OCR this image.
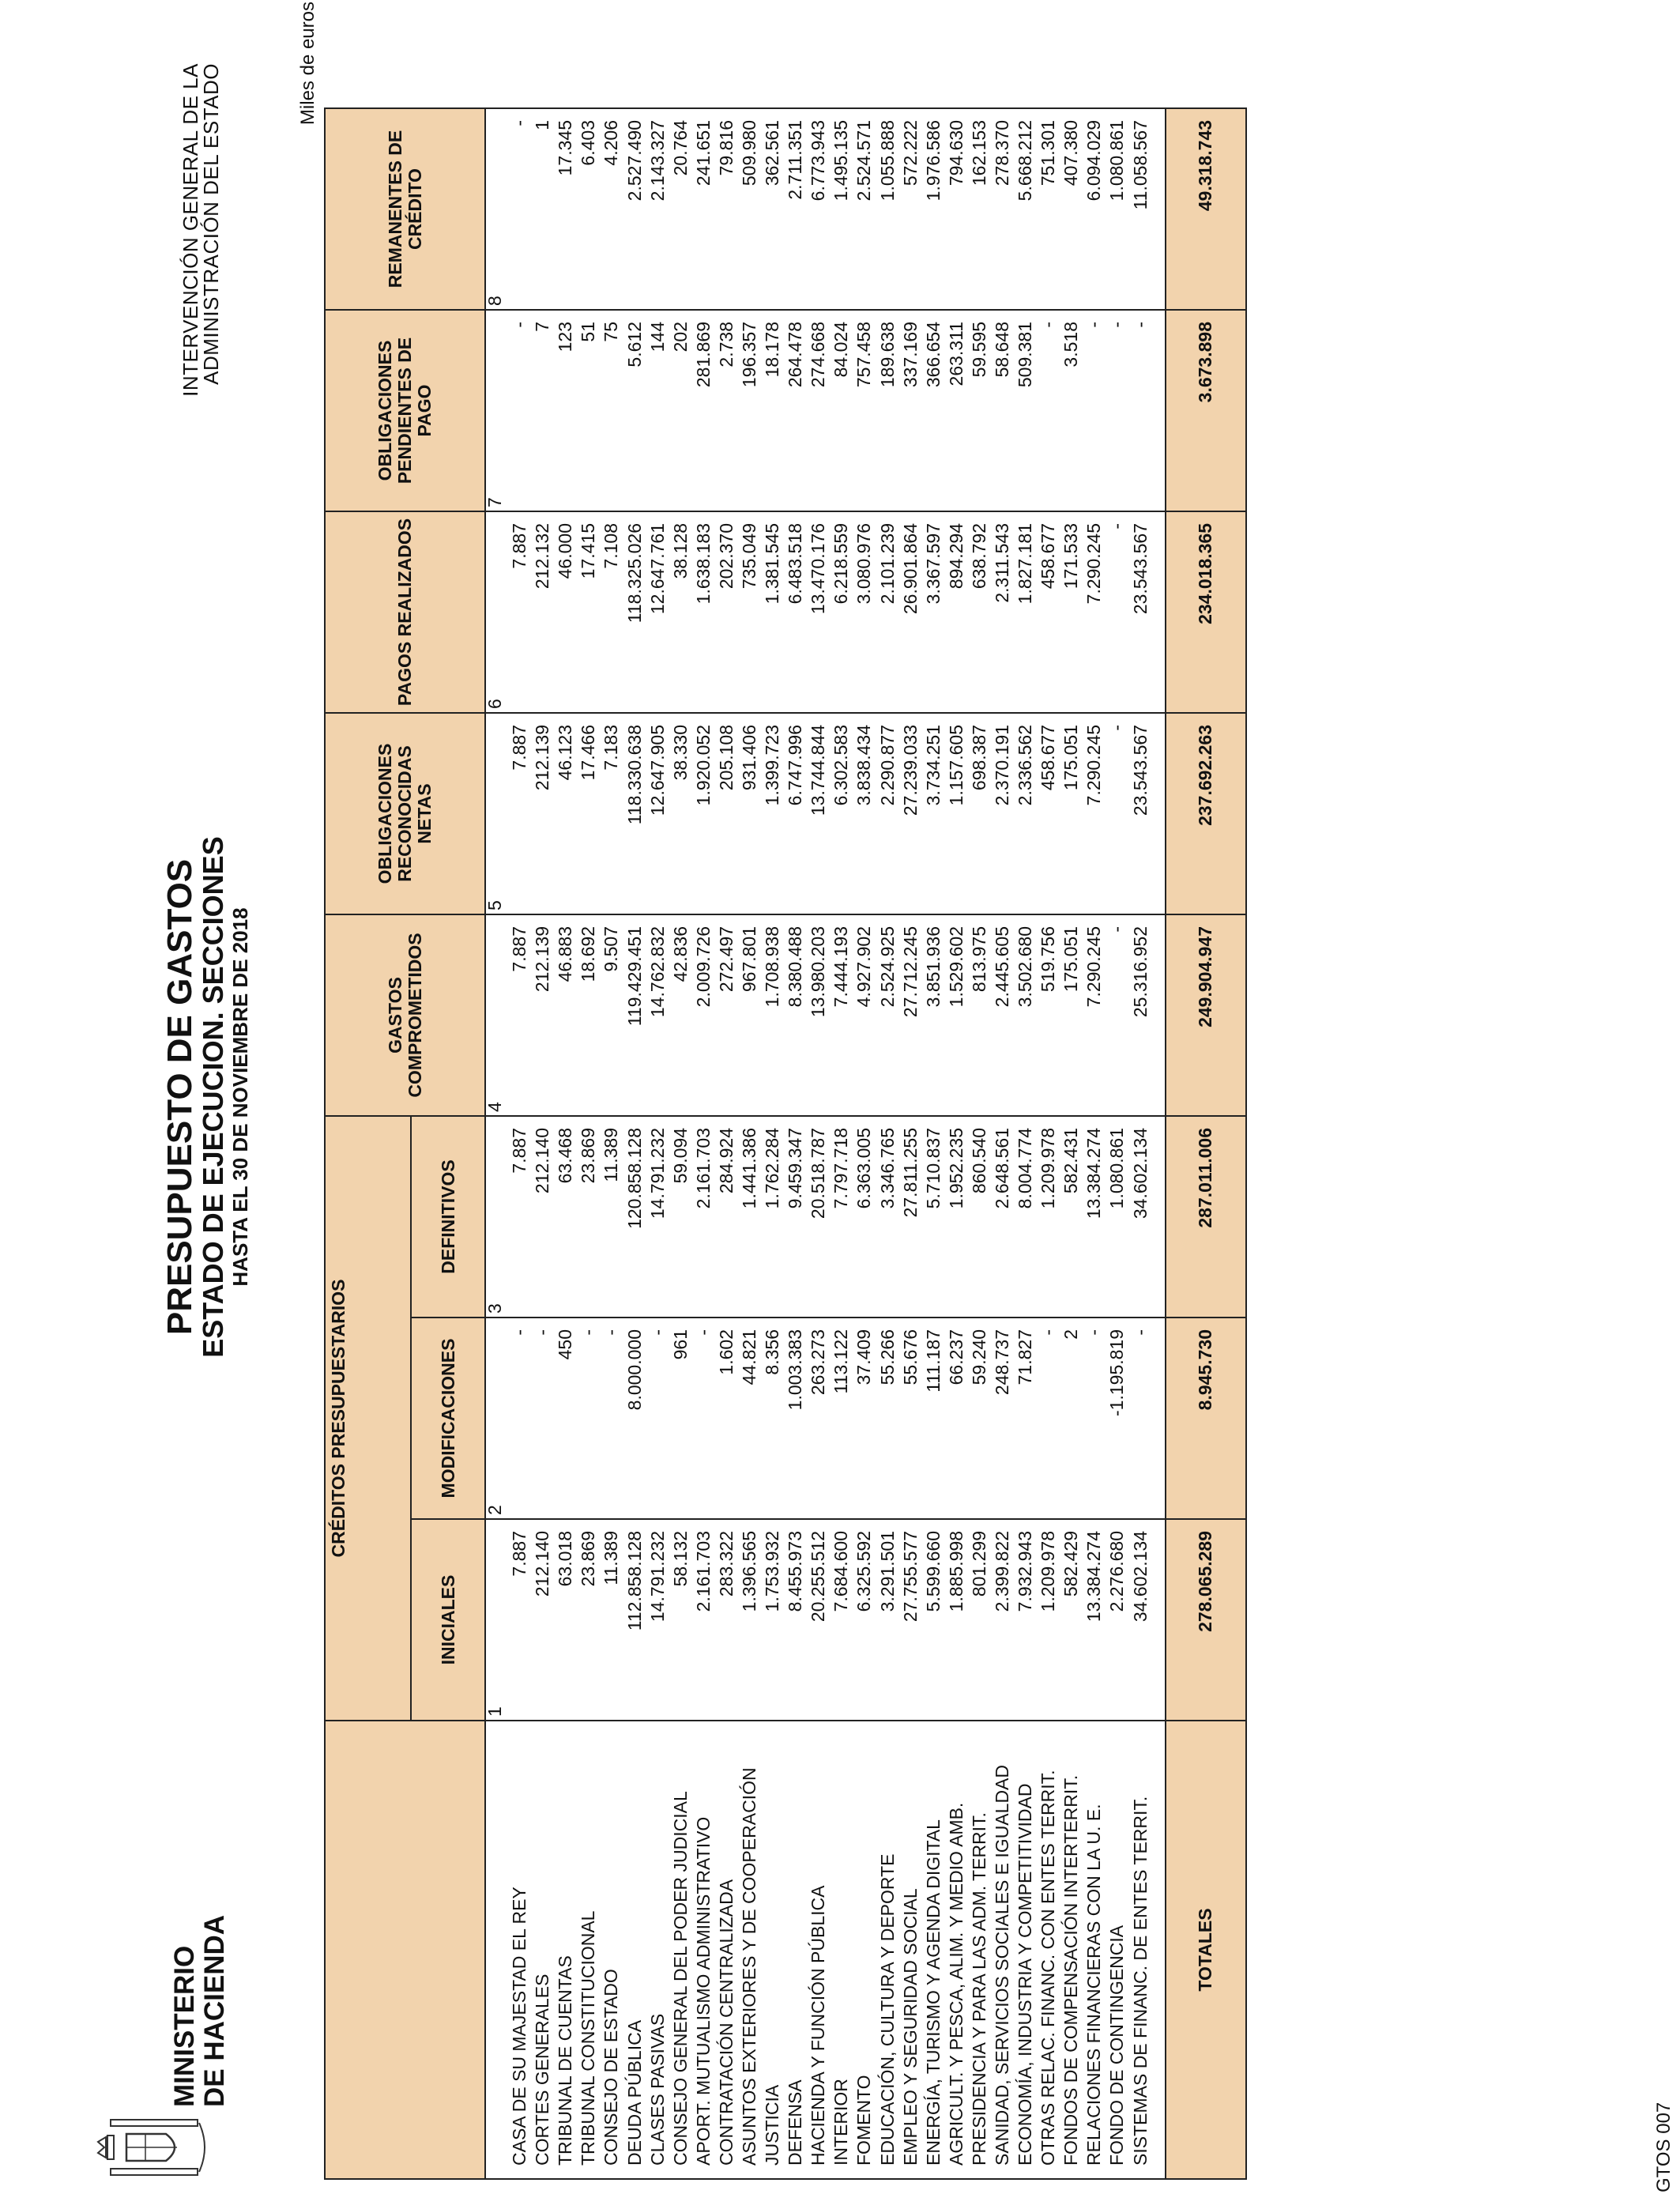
MINISTERIO DE HACIENDA
PRESUPUESTO DE GASTOS
ESTADO DE EJECUCION. SECCIONES HASTA EL 30 DE NOVIEMBRE DE 2018
INTERVENCIÓN GENERAL DE LA
ADMINISTRACIÓN DEL ESTADO	Miles de euros
	CRÉDITOS PRESUPUESTARIOS			GASTOS COMPROMETIDOS	OBLIGACIONES RECONOCIDAS NETAS	PAGOS REALIZADOS	OBLIGACIONES PENDIENTES DE PAGO	REMANENTES DE CRÉDITO
	INICIALES	MODIFICACIONES	DEFINITIVOS					
	1	2	3	4	5	6	7	8
CASA DE SU MAJESTAD EL REY	7.887	-	7.887	7.887	7.887	7.887	-	-
CORTES GENERALES	212.140	-	212.140	212.139	212.139	212.132	7	1
TRIBUNAL DE CUENTAS	63.018	450	63.468	46.883	46.123	46.000	123	17.345
TRIBUNAL CONSTITUCIONAL	23.869	-	23.869	18.692	17.466	17.415	51	6.403
CONSEJO DE ESTADO	11.389	-	11.389	9.507	7.183	7.108	75	4.206
DEUDA PÚBLICA	112.858.128	8.000.000	120.858.128	119.429.451	118.330.638	118.325.026	5.612	2.527.490
CLASES PASIVAS	14.791.232	-	14.791.232	14.762.832	12.647.905	12.647.761	144	2.143.327
CONSEJO GENERAL DEL PODER JUDICIAL	58.132	961	59.094	42.836	38.330	38.128	202	20.764
APORT. MUTUALISMO ADMINISTRATIVO	2.161.703	-	2.161.703	2.009.726	1.920.052	1.638.183	281.869	241.651
CONTRATACIÓN CENTRALIZADA	283.322	1.602	284.924	272.497	205.108	202.370	2.738	79.816
ASUNTOS EXTERIORES Y DE COOPERACIÓN	1.396.565	44.821	1.441.386	967.801	931.406	735.049	196.357	509.980
JUSTICIA	1.753.932	8.356	1.762.284	1.708.938	1.399.723	1.381.545	18.178	362.561
DEFENSA	8.455.973	1.003.383	9.459.347	8.380.488	6.747.996	6.483.518	264.478	2.711.351
HACIENDA Y FUNCIÓN PÚBLICA	20.255.512	263.273	20.518.787	13.980.203	13.744.844	13.470.176	274.668	6.773.943
INTERIOR	7.684.600	113.122	7.797.718	7.444.193	6.302.583	6.218.559	84.024	1.495.135
FOMENTO	6.325.592	37.409	6.363.005	4.927.902	3.838.434	3.080.976	757.458	2.524.571
EDUCACIÓN, CULTURA Y DEPORTE	3.291.501	55.266	3.346.765	2.524.925	2.290.877	2.101.239	189.638	1.055.888
EMPLEO Y SEGURIDAD SOCIAL	27.755.577	55.676	27.811.255	27.712.245	27.239.033	26.901.864	337.169	572.222
ENERGÍA, TURISMO Y AGENDA DIGITAL	5.599.660	111.187	5.710.837	3.851.936	3.734.251	3.367.597	366.654	1.976.586
AGRICULT. Y PESCA, ALIM. Y MEDIO AMB.	1.885.998	66.237	1.952.235	1.529.602	1.157.605	894.294	263.311	794.630
PRESIDENCIA Y PARA LAS ADM. TERRIT.	801.299	59.240	860.540	813.975	698.387	638.792	59.595	162.153
SANIDAD, SERVICIOS SOCIALES E IGUALDAD	2.399.822	248.737	2.648.561	2.445.605	2.370.191	2.311.543	58.648	278.370
ECONOMÍA, INDUSTRIA Y COMPETITIVIDAD	7.932.943	71.827	8.004.774	3.502.680	2.336.562	1.827.181	509.381	5.668.212
OTRAS RELAC. FINANC. CON ENTES TERRIT.	1.209.978	-	1.209.978	519.756	458.677	458.677	-	751.301
FONDOS DE COMPENSACIÓN INTERTERRIT.	582.429	2	582.431	175.051	175.051	171.533	3.518	407.380
RELACIONES FINANCIERAS CON LA U. E.	13.384.274	-	13.384.274	7.290.245	7.290.245	7.290.245	-	6.094.029
FONDO DE CONTINGENCIA	2.276.680	-1.195.819	1.080.861	-	-	-	-	1.080.861
SISTEMAS DE FINANC. DE ENTES TERRIT.	34.602.134	-	34.602.134	25.316.952	23.543.567	23.543.567	-	11.058.567

TOTALES	278.065.289	8.945.730	287.011.006	249.904.947	237.692.263	234.018.365	3.673.898	49.318.743
GTOS 007
